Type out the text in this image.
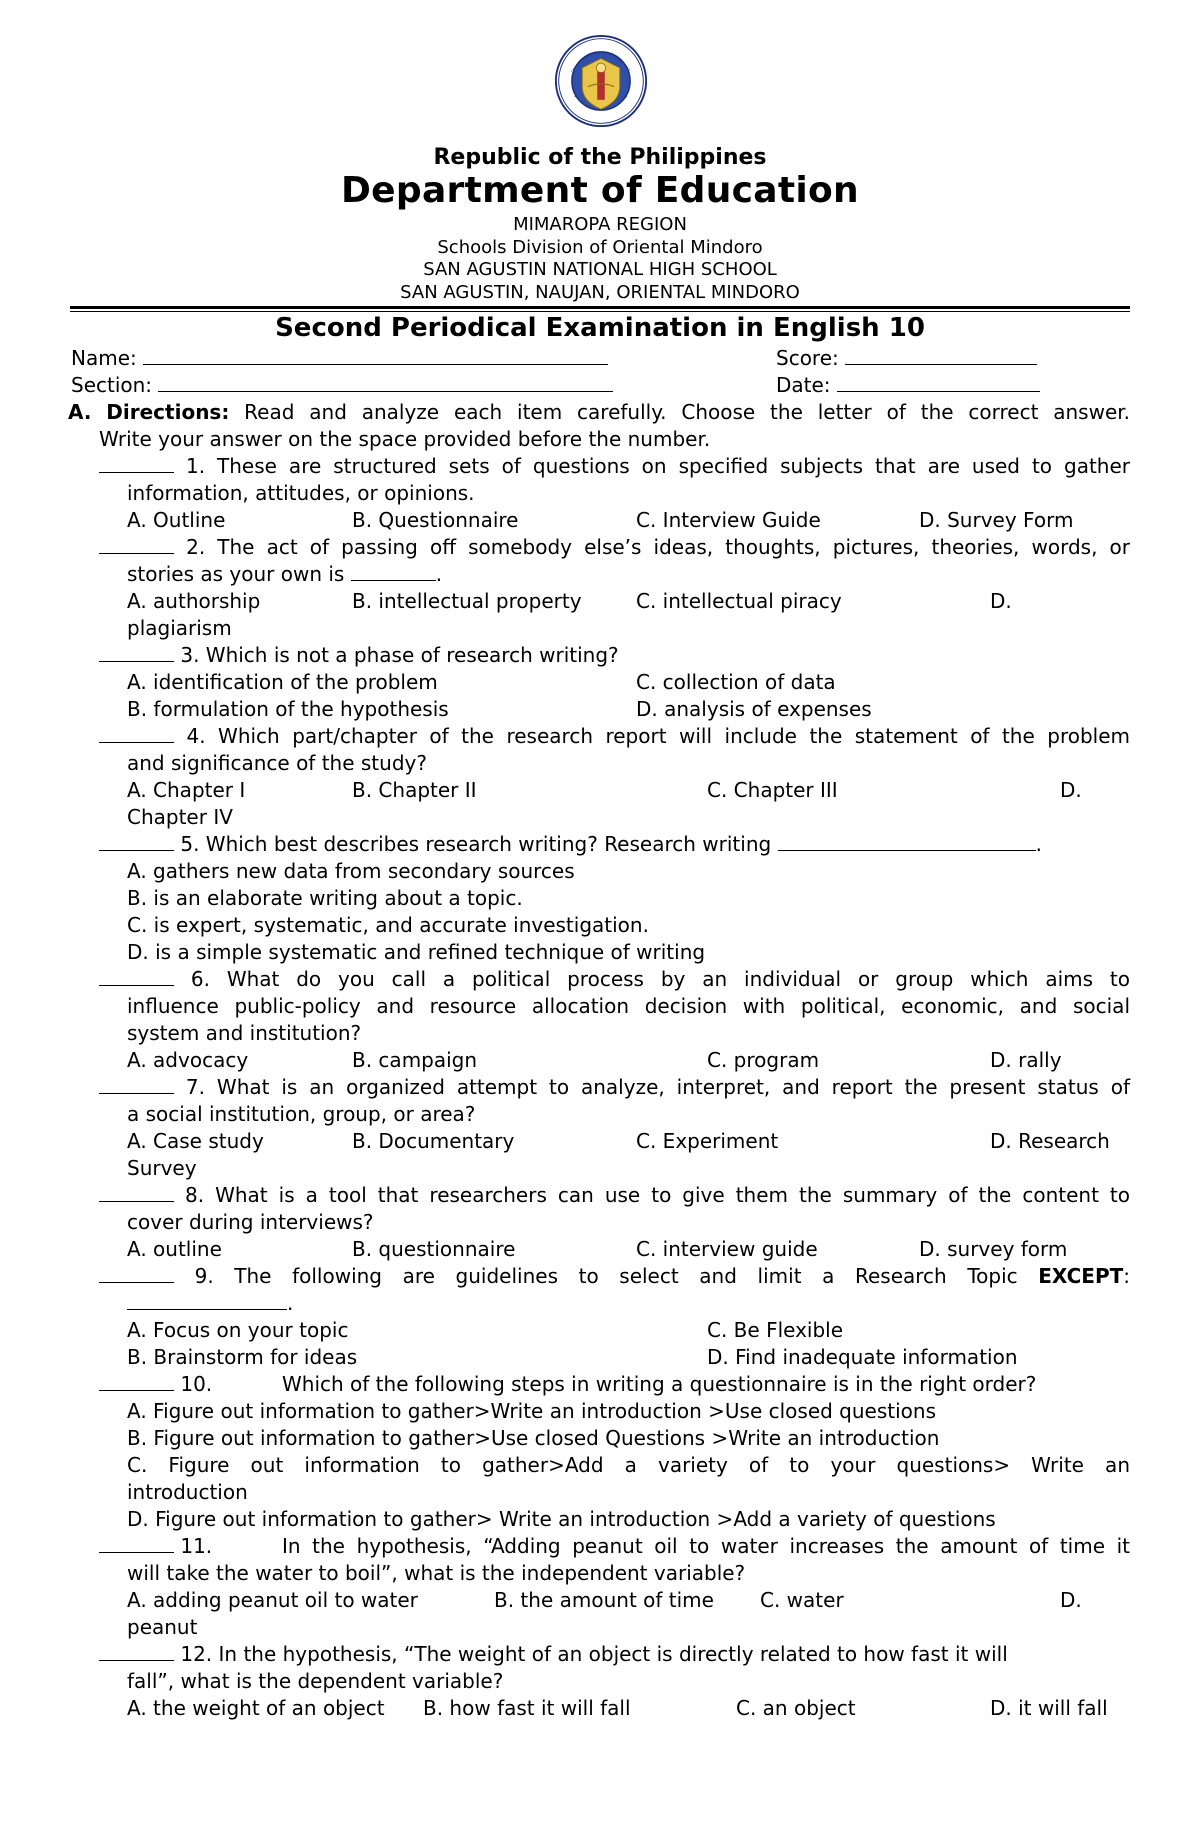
Republic of the Philippines
Department of Education
MIMAROPA REGION
Schools Division of Oriental Mindoro
SAN AGUSTIN NATIONAL HIGH SCHOOL
SAN AGUSTIN, NAUJAN, ORIENTAL MINDORO
Second Periodical Examination in English 10
Name:	Score:
Section:	Date:
A. Directions: Read and analyze each item carefully. Choose the letter of the correct answer.
Write your answer on the space provided before the number.
1. These are structured sets of questions on specified subjects that are used to gather
information, attitudes, or opinions.
A. Outline	B. Questionnaire	C. Interview Guide	D. Survey Form
2. The act of passing off somebody else’s ideas, thoughts, pictures, theories, words, or
stories as your own is	.
A. authorship	B. intellectual property	C. intellectual piracy	D.
plagiarism
3. Which is not a phase of research writing?
A. identification of the problem	C. collection of data
B. formulation of the hypothesis	D. analysis of expenses
4. Which part/chapter of the research report will include the statement of the problem
and significance of the study?
A. Chapter I	B. Chapter II	C. Chapter III	D.
Chapter IV
5. Which best describes research writing? Research writing	.
A. gathers new data from secondary sources
B. is an elaborate writing about a topic.
C. is expert, systematic, and accurate investigation.
D. is a simple systematic and refined technique of writing
6. What do you call a political process by an individual or group which aims to
influence public-policy and resource allocation decision with political, economic, and social
system and institution?
A. advocacy	B. campaign	C. program	D. rally
7. What is an organized attempt to analyze, interpret, and report the present status of
a social institution, group, or area?
A. Case study	B. Documentary	C. Experiment	D. Research
Survey
8. What is a tool that researchers can use to give them the summary of the content to
cover during interviews?
A. outline	B. questionnaire	C. interview guide	D. survey form
9. The following are guidelines to select and limit a Research Topic EXCEPT:
.
A. Focus on your topic	C. Be Flexible
B. Brainstorm for ideas	D. Find inadequate information
10.	Which of the following steps in writing a questionnaire is in the right order?
A. Figure out information to gather>Write an introduction >Use closed questions
B. Figure out information to gather>Use closed Questions >Write an introduction
C. Figure out information to gather>Add a variety of to your questions> Write an
introduction
D. Figure out information to gather> Write an introduction >Add a variety of questions
11.	In the hypothesis, “Adding peanut oil to water increases the amount of time it
will take the water to boil”, what is the independent variable?
A. adding peanut oil to water	B. the amount of time C. water	D.
peanut
12. In the hypothesis, “The weight of an object is directly related to how fast it will
fall”, what is the dependent variable?
A. the weight of an object B. how fast it will fall	C. an object	D. it will fall
